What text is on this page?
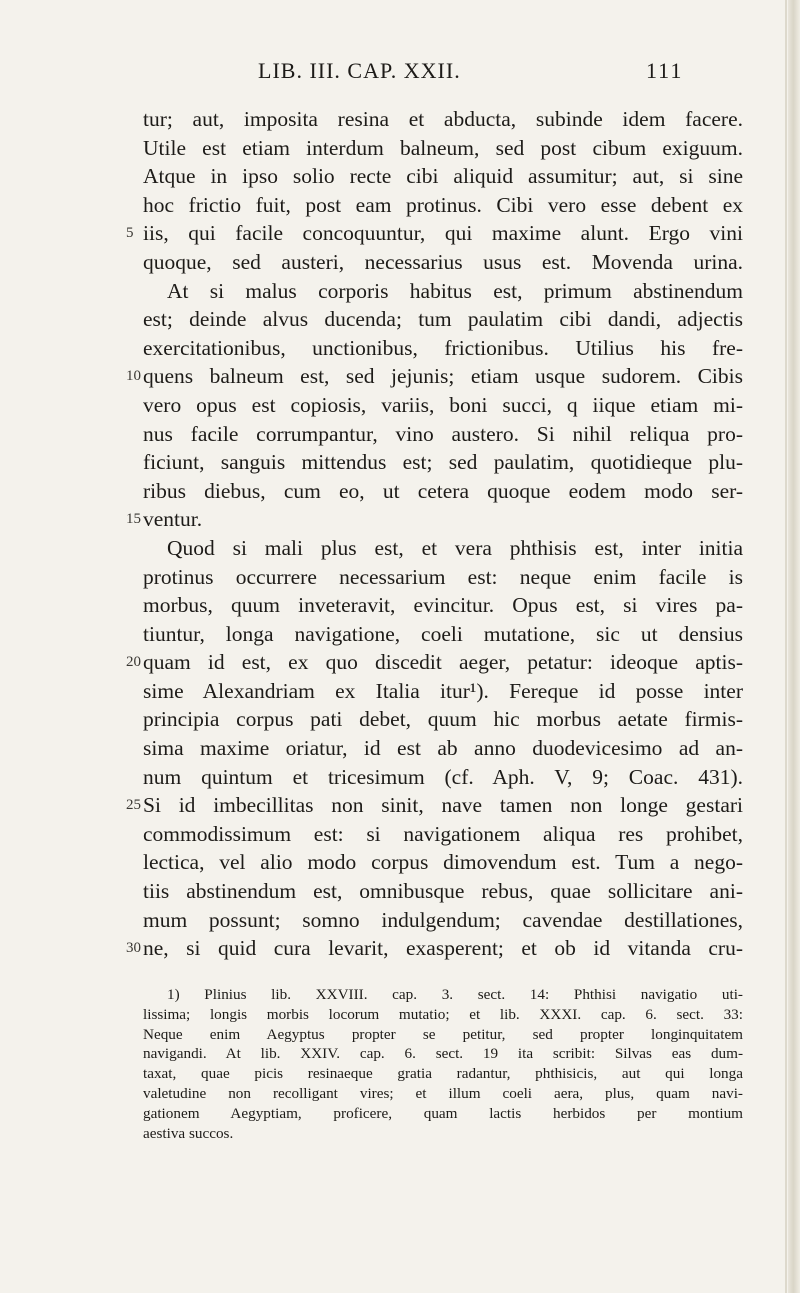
LIB. III. CAP. XXII.	111
tur; aut, imposita resina et abducta, subinde idem facere.
Utile est etiam interdum balneum, sed post cibum exiguum.
Atque in ipso solio recte cibi aliquid assumitur; aut, si sine
hoc frictio fuit, post eam protinus. Cibi vero esse debent ex
5 iis, qui facile concoquuntur, qui maxime alunt. Ergo vini
quoque, sed austeri, necessarius usus est. Movenda urina.
At si malus corporis habitus est, primum abstinendum
est; deinde alvus ducenda; tum paulatim cibi dandi, adjectis
exercitationibus, unctionibus, frictionibus. Utilius his fre-
10 quens balneum est, sed jejunis; etiam usque sudorem. Cibis
vero opus est copiosis, variis, boni succi, q iique etiam mi-
nus facile corrumpantur, vino austero. Si nihil reliqua pro-
ficiunt, sanguis mittendus est; sed paulatim, quotidieque plu-
ribus diebus, cum eo, ut cetera quoque eodem modo ser-
15 ventur.
Quod si mali plus est, et vera phthisis est, inter initia
protinus occurrere necessarium est: neque enim facile is
morbus, quum inveteravit, evincitur. Opus est, si vires pa-
tiuntur, longa navigatione, coeli mutatione, sic ut densius
20 quam id est, ex quo discedit aeger, petatur: ideoque aptis-
sime Alexandriam ex Italia itur¹). Fereque id posse inter
principia corpus pati debet, quum hic morbus aetate firmis-
sima maxime oriatur, id est ab anno duodevicesimo ad an-
num quintum et tricesimum (cf. Aph. V, 9; Coac. 431).
25 Si id imbecillitas non sinit, nave tamen non longe gestari
commodissimum est: si navigationem aliqua res prohibet,
lectica, vel alio modo corpus dimovendum est. Tum a nego-
tiis abstinendum est, omnibusque rebus, quae sollicitare ani-
mum possunt; somno indulgendum; cavendae destillationes,
30 ne, si quid cura levarit, exasperent; et ob id vitanda cru-
1) Plinius lib. XXVIII. cap. 3. sect. 14: Phthisi navigatio uti-
lissima; longis morbis locorum mutatio; et lib. XXXI. cap. 6. sect. 33:
Neque enim Aegyptus propter se petitur, sed propter longinquitatem
navigandi. At lib. XXIV. cap. 6. sect. 19 ita scribit: Silvas eas dum-
taxat, quae picis resinaeque gratia radantur, phthisicis, aut qui longa
valetudine non recolligant vires; et illum coeli aera, plus, quam navi-
gationem Aegyptiam, proficere, quam lactis herbidos per montium
aestiva succos.
